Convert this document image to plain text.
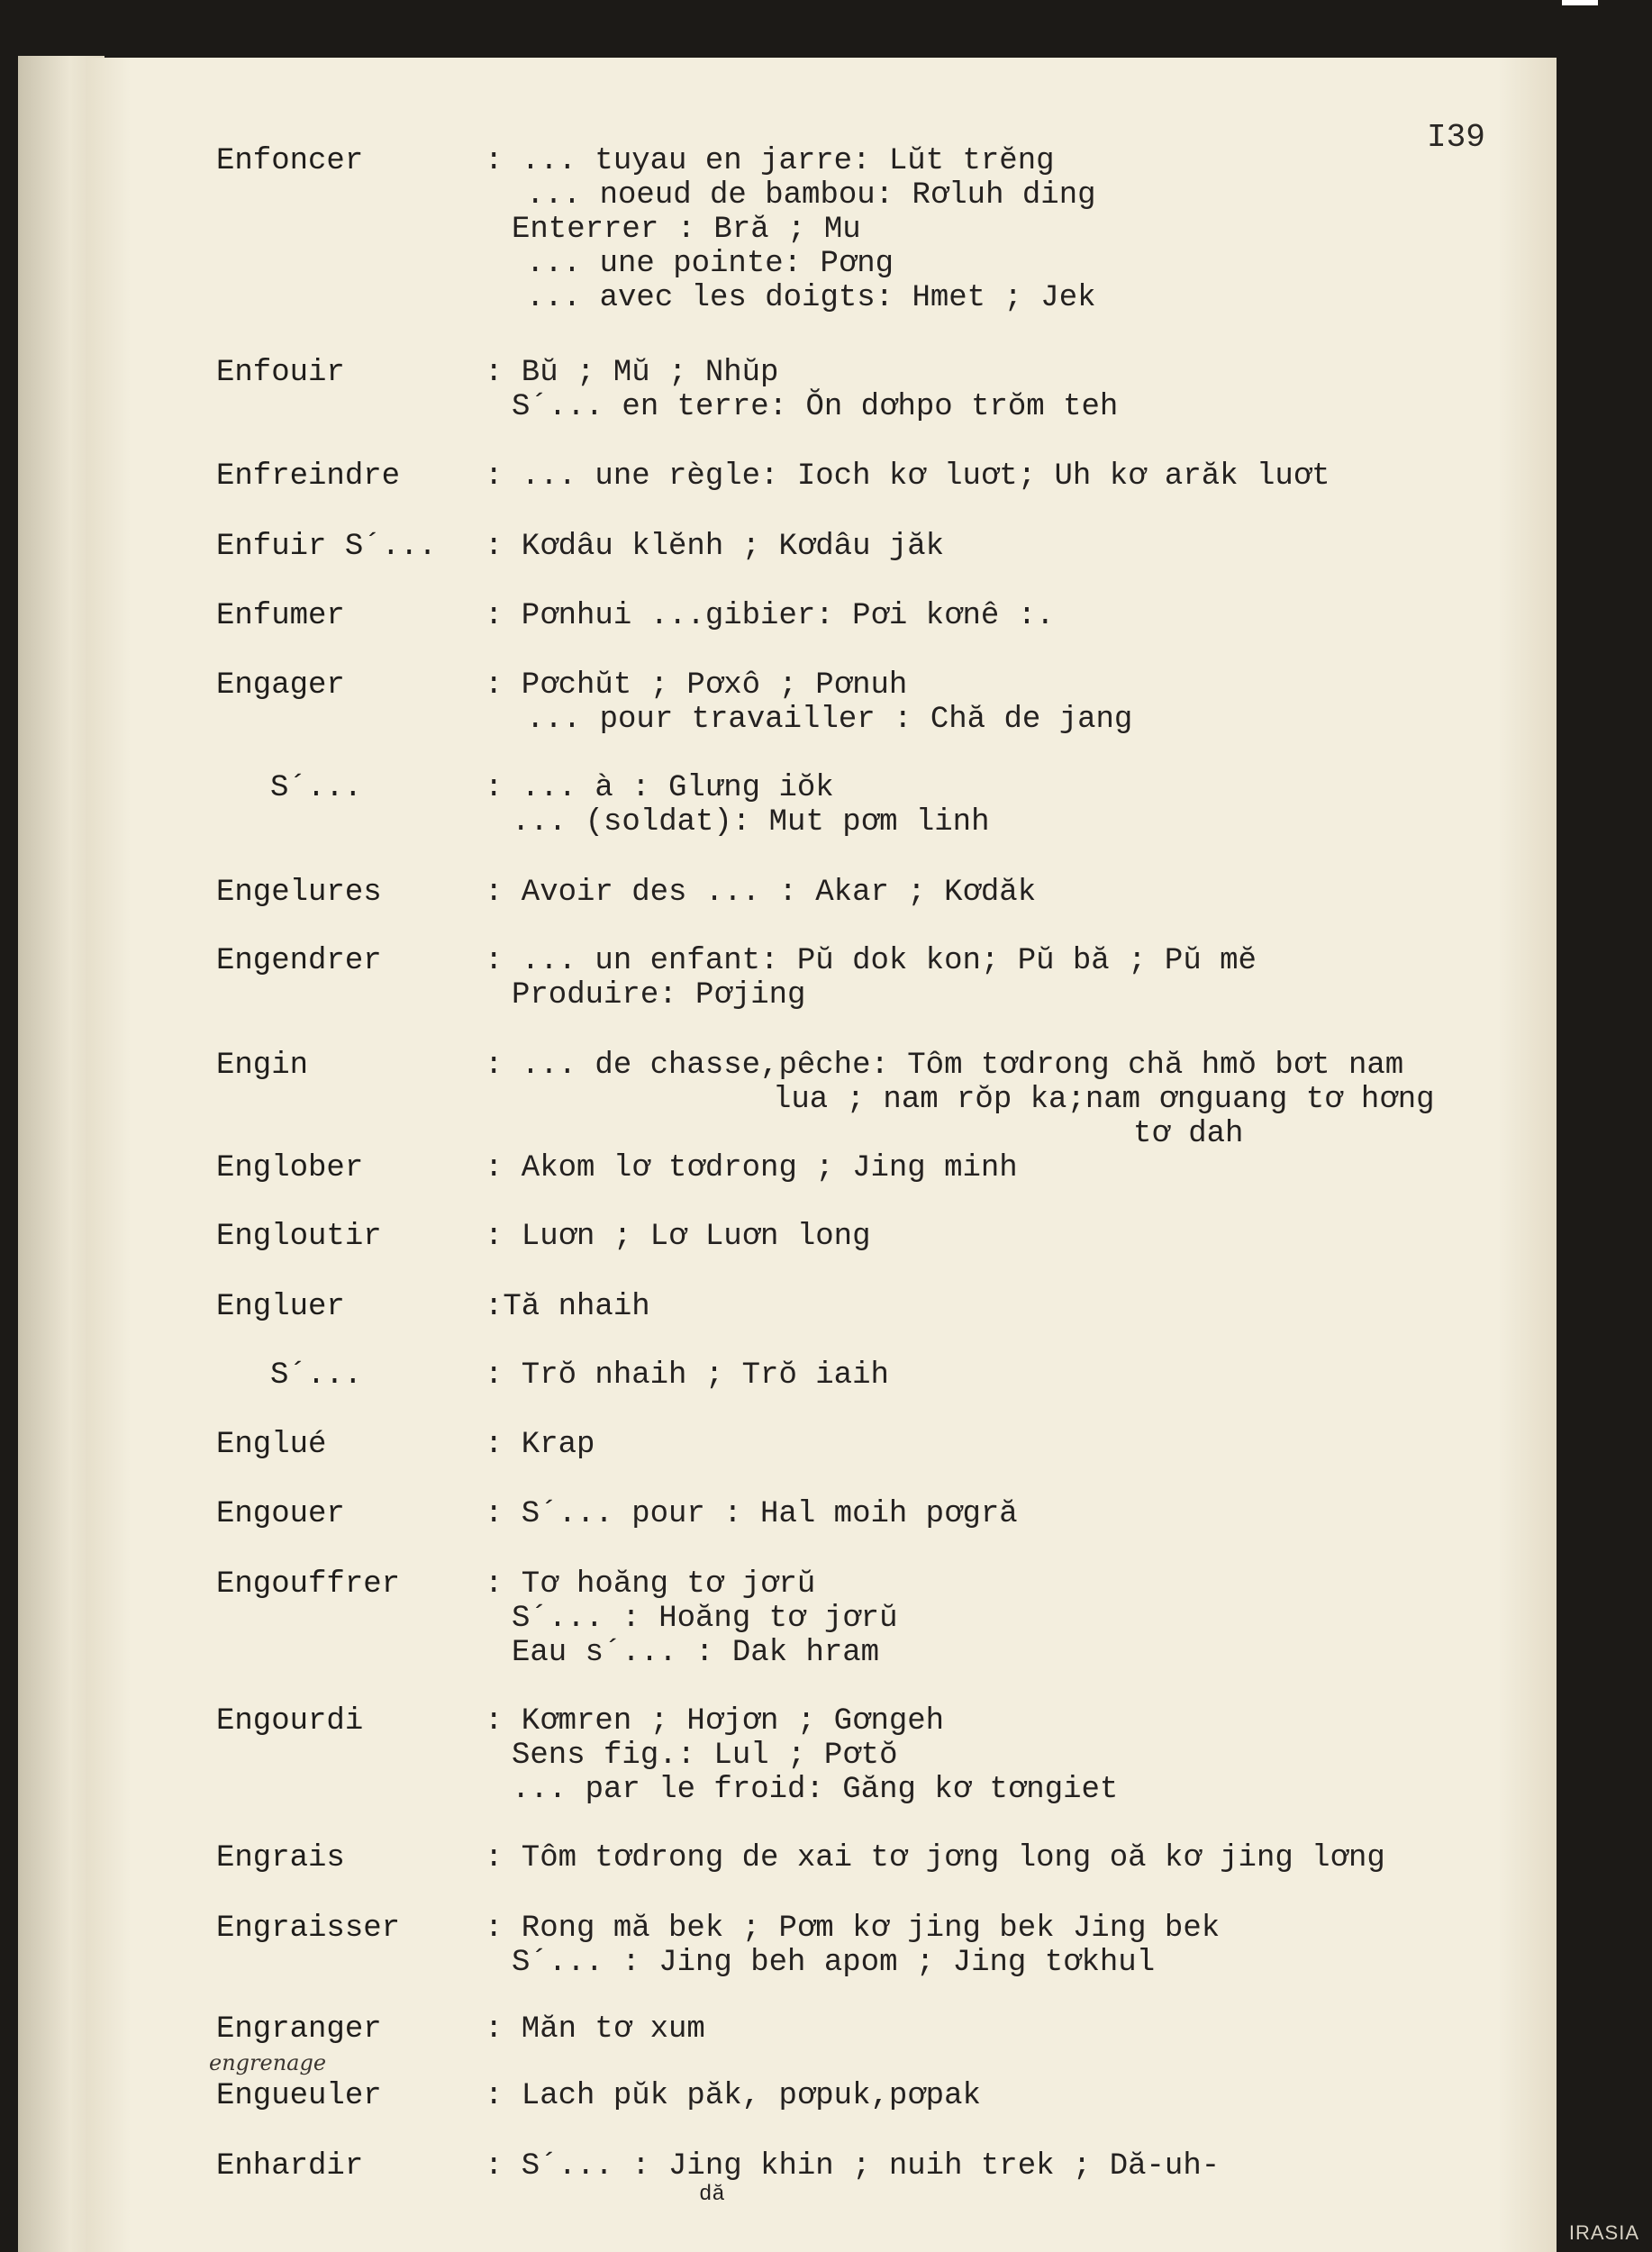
I39
Enfoncer	: ... tuyau en jarre: Lŭt trĕng
... noeud de bambou: Rơluh ding
Enterrer : Bră ; Mu
... une pointe: Pơng
... avec les doigts: Hmet ; Jek
Enfouir	: Bŭ ; Mŭ ; Nhŭp
S´... en terre: Ŏn dơhpo trŏm teh
Enfreindre	: ... une règle: Ioch kơ luơt; Uh kơ arăk luơt
Enfuir S´... : Kơdâu klĕnh ; Kơdâu jăk
Enfumer	: Pơnhui ...gibier: Pơi kơnê :.
Engager	: Pơchŭt ; Pơxô ; Pơnuh
... pour travailler : Chă de jang
S´...	: ... à : Glưng iŏk
... (soldat): Mut pơm linh
Engelures	: Avoir des ... : Akar ; Kơdăk
Engendrer	: ... un enfant: Pŭ dok kon; Pŭ bă ; Pŭ mĕ
Produire: Pơjing
Engin	: ... de chasse,pêche: Tôm tơdrong chă hmŏ bơt nam
lua ; nam rŏp ka;nam ơnguang tơ hơng
tơ dah
Englober	: Akom lơ tơdrong ; Jing minh
Engloutir	: Luơn ; Lơ Luơn long
Engluer	:Tă nhaih
S´...	: Trŏ nhaih ; Trŏ iaih
Englué	: Krap
Engouer	: S´... pour : Hal moih pơgră
Engouffrer	: Tơ hoăng tơ jơrŭ
S´... : Hoăng tơ jơrŭ
Eau s´... : Dak hram
Engourdi	: Kơmren ; Hơjơn ; Gơngeh
Sens fig.: Lul ; Pơtŏ
... par le froid: Găng kơ tơngiet
Engrais	: Tôm tơdrong de xai tơ jơng long oă kơ jing lơng
Engraisser	: Rong mă bek ; Pơm kơ jing bek Jing bek
S´... : Jing beh apom ; Jing tơkhul
Engranger	: Măn tơ xum
engrenage
Engueuler	: Lach pŭk păk, pơpuk,pơpak
Enhardir	: S´... : Jing khin ; nuih trek ; Dă-uh-
dă
IRASIA
